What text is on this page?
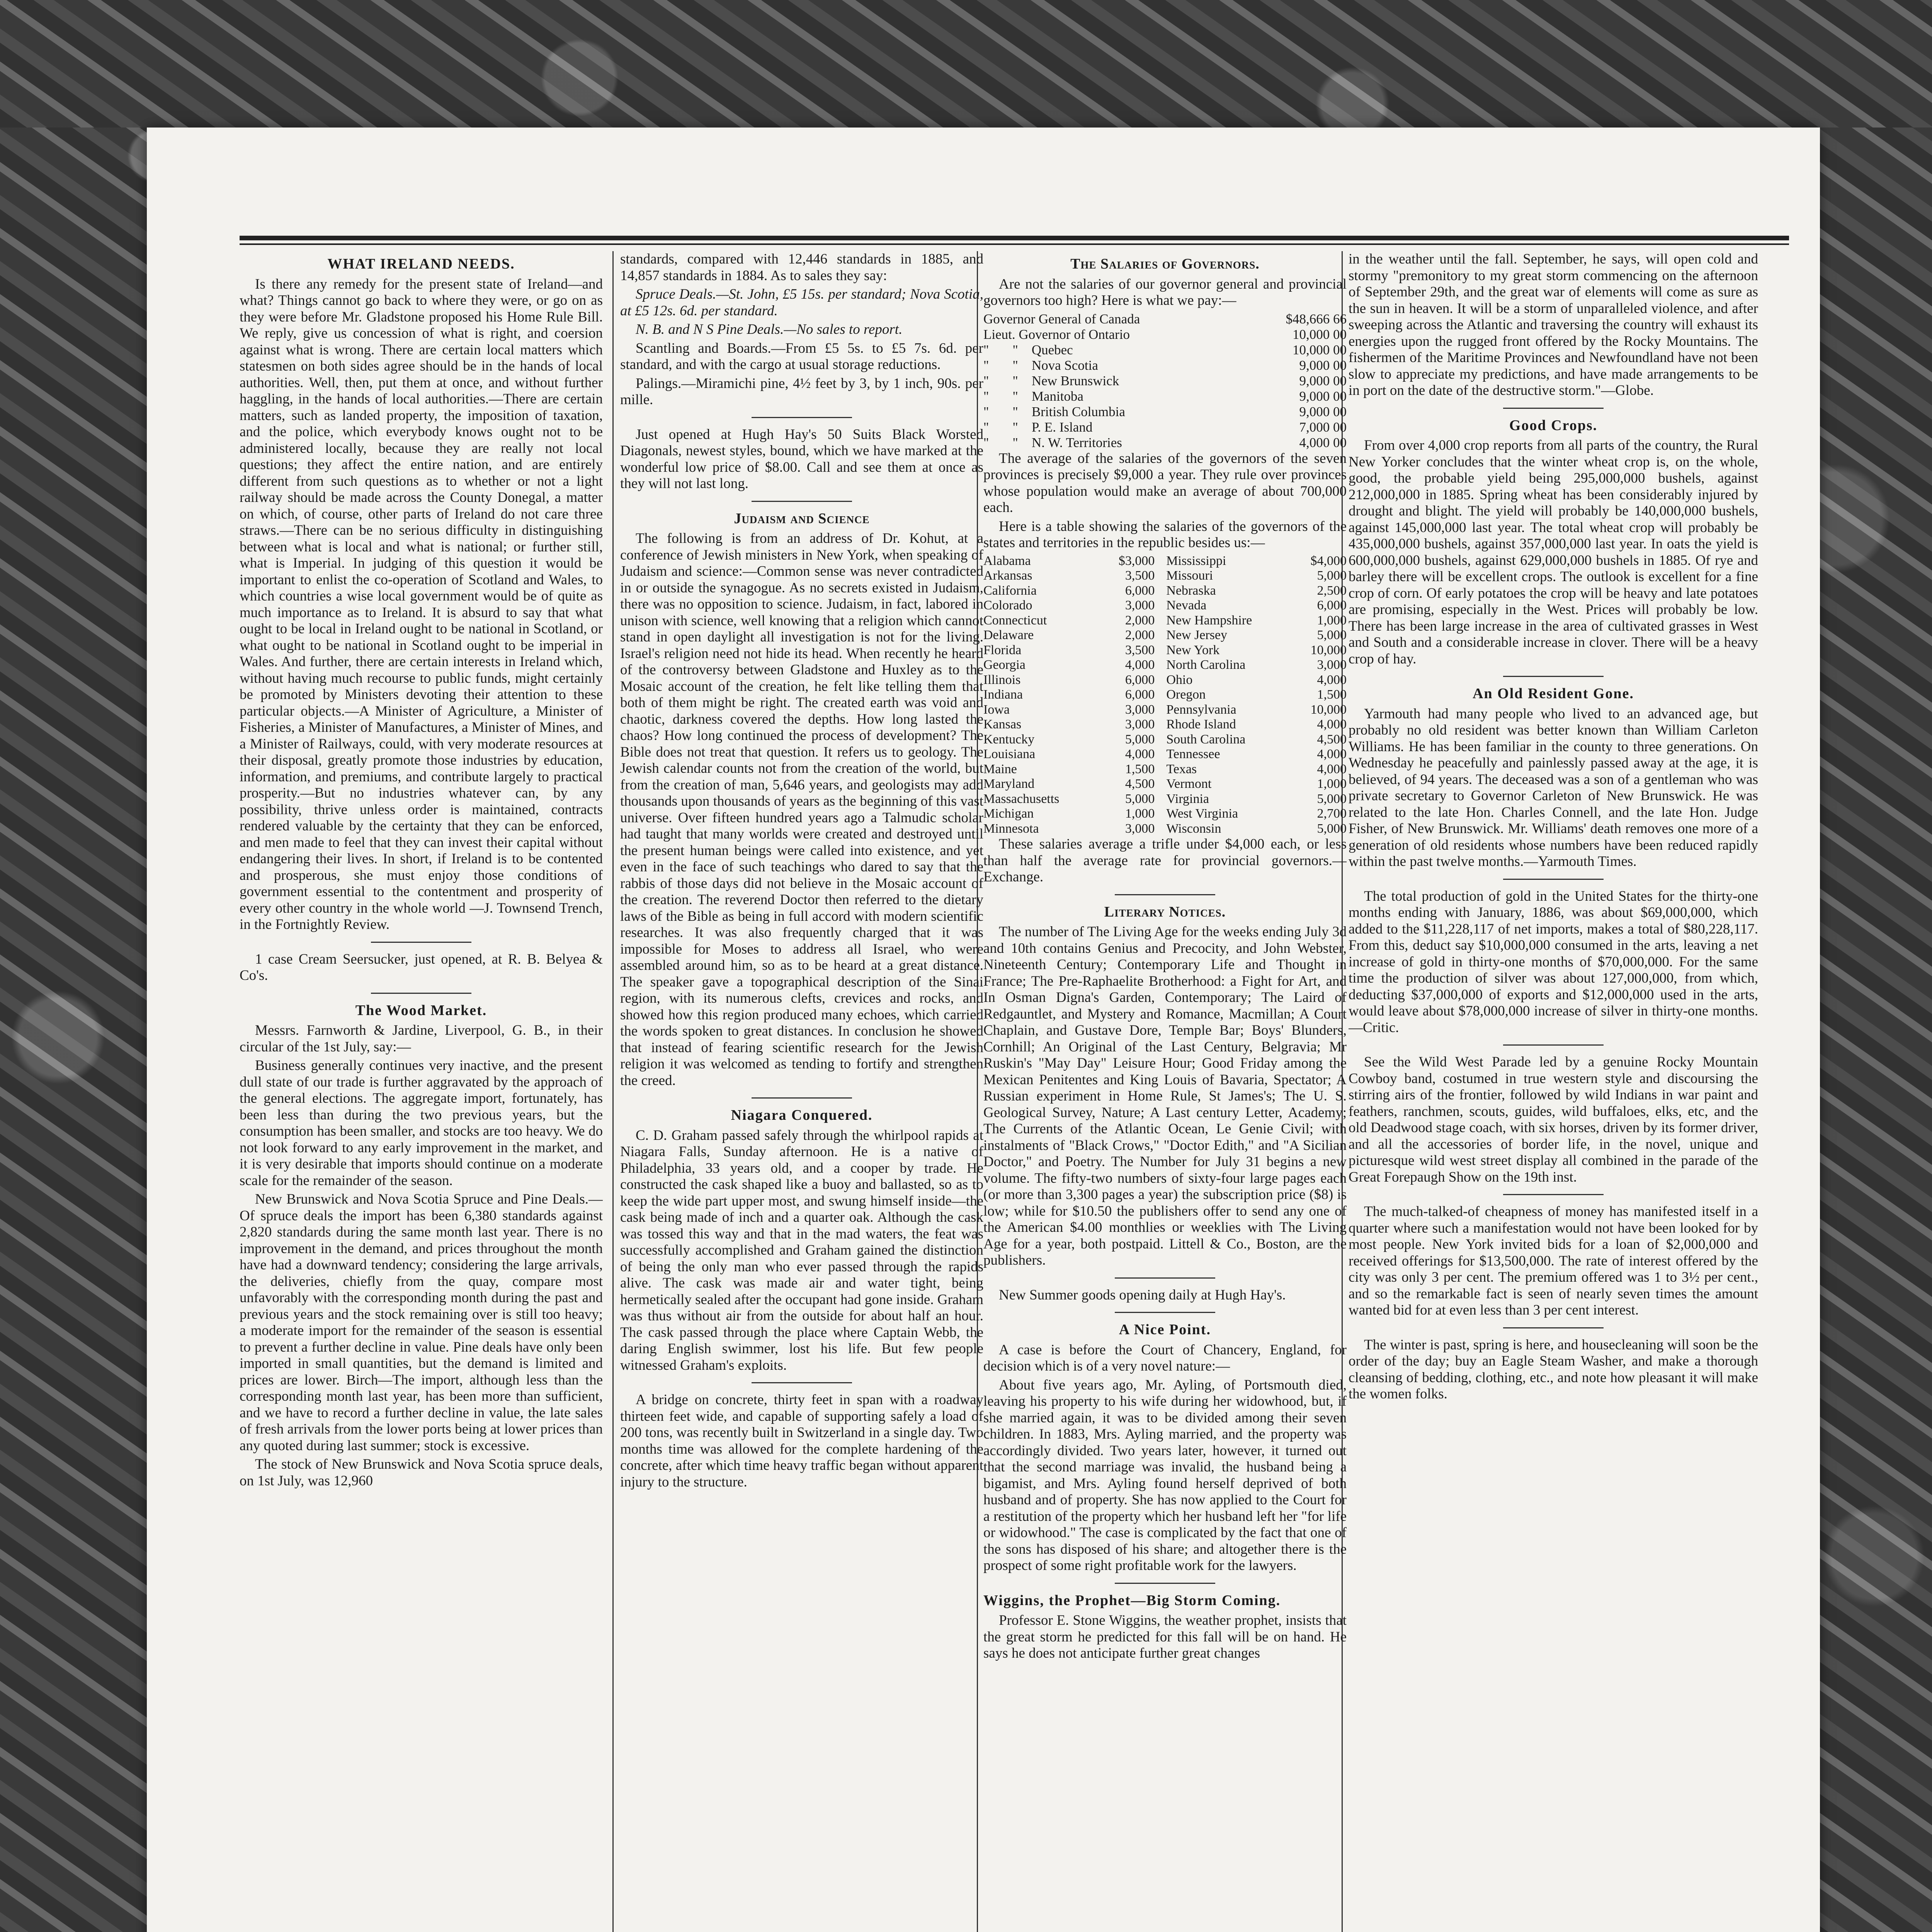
WHAT IRELAND NEEDS.

Is there any remedy for the present state of Ireland—and what? Things cannot go back to where they were, or go on as they were before Mr. Gladstone proposed his Home Rule Bill. We reply, give us concession of what is right, and coersion against what is wrong. There are certain local matters which statesmen on both sides agree should be in the hands of local authorities. Well, then, put them at once, and without further haggling, in the hands of local authorities.—There are certain matters, such as landed property, the imposition of taxation, and the police, which everybody knows ought not to be administered locally, because they are really not local questions; they affect the entire nation, and are entirely different from such questions as to whether or not a light railway should be made across the County Donegal, a matter on which, of course, other parts of Ireland do not care three straws.—There can be no serious difficulty in distinguishing between what is local and what is national; or further still, what is Imperial. In judging of this question it would be important to enlist the co-operation of Scotland and Wales, to which countries a wise local government would be of quite as much importance as to Ireland. It is absurd to say that what ought to be local in Ireland ought to be national in Scotland, or what ought to be national in Scotland ought to be imperial in Wales. And further, there are certain interests in Ireland which, without having much recourse to public funds, might certainly be promoted by Ministers devoting their attention to these particular objects.—A Minister of Agriculture, a Minister of Fisheries, a Minister of Manufactures, a Minister of Mines, and a Minister of Railways, could, with very moderate resources at their disposal, greatly promote those industries by education, information, and premiums, and contribute largely to practical prosperity.—But no industries whatever can, by any possibility, thrive unless order is maintained, contracts rendered valuable by the certainty that they can be enforced, and men made to feel that they can invest their capital without endangering their lives. In short, if Ireland is to be contented and prosperous, she must enjoy those conditions of government essential to the contentment and prosperity of every other country in the whole world —J. Townsend Trench, in the Fortnightly Review.

1 case Cream Seersucker, just opened, at R. B. Belyea & Co's.

The Wood Market.

Messrs. Farnworth & Jardine, Liverpool, G. B., in their circular of the 1st July, say:—

Business generally continues very inactive, and the present dull state of our trade is further aggravated by the approach of the general elections. The aggregate import, fortunately, has been less than during the two previous years, but the consumption has been smaller, and stocks are too heavy. We do not look forward to any early improvement in the market, and it is very desirable that imports should continue on a moderate scale for the remainder of the season.

New Brunswick and Nova Scotia Spruce and Pine Deals.—Of spruce deals the import has been 6,380 standards against 2,820 standards during the same month last year. There is no improvement in the demand, and prices throughout the month have had a downward tendency; considering the large arrivals, the deliveries, chiefly from the quay, compare most unfavorably with the corresponding month during the past and previous years and the stock remaining over is still too heavy; a moderate import for the remainder of the season is essential to prevent a further decline in value. Pine deals have only been imported in small quantities, but the demand is limited and prices are lower. Birch—The import, although less than the corresponding month last year, has been more than sufficient, and we have to record a further decline in value, the late sales of fresh arrivals from the lower ports being at lower prices than any quoted during last summer; stock is excessive.

The stock of New Brunswick and Nova Scotia spruce deals, on 1st July, was 12,960

standards, compared with 12,446 standards in 1885, and 14,857 standards in 1884. As to sales they say:

Spruce Deals.—St. John, £5 15s. per standard; Nova Scotia, at £5 12s. 6d. per standard.

N. B. and N S Pine Deals.—No sales to report.

Scantling and Boards.—From £5 5s. to £5 7s. 6d. per standard, and with the cargo at usual storage reductions.

Palings.—Miramichi pine, 4½ feet by 3, by 1 inch, 90s. per mille.

Just opened at Hugh Hay's 50 Suits Black Worsted Diagonals, newest styles, bound, which we have marked at the wonderful low price of $8.00. Call and see them at once as they will not last long.

Judaism and Science

The following is from an address of Dr. Kohut, at a conference of Jewish ministers in New York, when speaking of Judaism and science:—Common sense was never contradicted in or outside the synagogue. As no secrets existed in Judaism, there was no opposition to science. Judaism, in fact, labored in unison with science, well knowing that a religion which cannot stand in open daylight all investigation is not for the living. Israel's religion need not hide its head. When recently he heard of the controversy between Gladstone and Huxley as to the Mosaic account of the creation, he felt like telling them that both of them might be right. The created earth was void and chaotic, darkness covered the depths. How long lasted the chaos? How long continued the process of development? The Bible does not treat that question. It refers us to geology. The Jewish calendar counts not from the creation of the world, but from the creation of man, 5,646 years, and geologists may add thousands upon thousands of years as the beginning of this vast universe. Over fifteen hundred years ago a Talmudic scholar had taught that many worlds were created and destroyed until the present human beings were called into existence, and yet even in the face of such teachings who dared to say that the rabbis of those days did not believe in the Mosaic account of the creation. The reverend Doctor then referred to the dietary laws of the Bible as being in full accord with modern scientific researches. It was also frequently charged that it was impossible for Moses to address all Israel, who were assembled around him, so as to be heard at a great distance. The speaker gave a topographical description of the Sinai region, with its numerous clefts, crevices and rocks, and showed how this region produced many echoes, which carried the words spoken to great distances. In conclusion he showed that instead of fearing scientific research for the Jewish religion it was welcomed as tending to fortify and strengthen the creed.

Niagara Conquered.

C. D. Graham passed safely through the whirlpool rapids at Niagara Falls, Sunday afternoon. He is a native of Philadelphia, 33 years old, and a cooper by trade. He constructed the cask shaped like a buoy and ballasted, so as to keep the wide part upper most, and swung himself inside—the cask being made of inch and a quarter oak. Although the cask was tossed this way and that in the mad waters, the feat was successfully accomplished and Graham gained the distinction of being the only man who ever passed through the rapids alive. The cask was made air and water tight, being hermetically sealed after the occupant had gone inside. Graham was thus without air from the outside for about half an hour. The cask passed through the place where Captain Webb, the daring English swimmer, lost his life. But few people witnessed Graham's exploits.

A bridge on concrete, thirty feet in span with a roadway thirteen feet wide, and capable of supporting safely a load of 200 tons, was recently built in Switzerland in a single day. Two months time was allowed for the complete hardening of the concrete, after which time heavy traffic began without apparent injury to the structure.

The Salaries of Governors.

Are not the salaries of our governor general and provincial governors too high? Here is what we pay:—

Governor General of Canada	$48,666 66
Lieut. Governor of Ontario	10,000 00
"       "    Quebec	10,000 00
"       "    Nova Scotia	9,000 00
"       "    New Brunswick	9,000 00
"       "    Manitoba	9,000 00
"       "    British Columbia	9,000 00
"       "    P. E. Island	7,000 00
"       "    N. W. Territories	4,000 00

The average of the salaries of the governors of the seven provinces is precisely $9,000 a year. They rule over provinces whose population would make an average of about 700,000 each.

Here is a table showing the salaries of the governors of the states and territories in the republic besides us:—

Alabama	$3,000	Mississippi	$4,000
Arkansas	3,500	Missouri	5,000
California	6,000	Nebraska	2,500
Colorado	3,000	Nevada	6,000
Connecticut	2,000	New Hampshire	1,000
Delaware	2,000	New Jersey	5,000
Florida	3,500	New York	10,000
Georgia	4,000	North Carolina	3,000
Illinois	6,000	Ohio	4,000
Indiana	6,000	Oregon	1,500
Iowa	3,000	Pennsylvania	10,000
Kansas	3,000	Rhode Island	4,000
Kentucky	5,000	South Carolina	4,500
Louisiana	4,000	Tennessee	4,000
Maine	1,500	Texas	4,000
Maryland	4,500	Vermont	1,000
Massachusetts	5,000	Virginia	5,000
Michigan	1,000	West Virginia	2,700
Minnesota	3,000	Wisconsin	5,000

These salaries average a trifle under $4,000 each, or less than half the average rate for provincial governors.—Exchange.

Literary Notices.

The number of The Living Age for the weeks ending July 3d and 10th contains Genius and Precocity, and John Webster, Nineteenth Century; Contemporary Life and Thought in France; The Pre-Raphaelite Brotherhood: a Fight for Art, and In Osman Digna's Garden, Contemporary; The Laird of Redgauntlet, and Mystery and Romance, Macmillan; A Court Chaplain, and Gustave Dore, Temple Bar; Boys' Blunders, Cornhill; An Original of the Last Century, Belgravia; Mr Ruskin's "May Day" Leisure Hour; Good Friday among the Mexican Penitentes and King Louis of Bavaria, Spectator; A Russian experiment in Home Rule, St James's; The U. S. Geological Survey, Nature; A Last century Letter, Academy; The Currents of the Atlantic Ocean, Le Genie Civil; with instalments of "Black Crows," "Doctor Edith," and "A Sicilian Doctor," and Poetry. The Number for July 31 begins a new volume. The fifty-two numbers of sixty-four large pages each (or more than 3,300 pages a year) the subscription price ($8) is low; while for $10.50 the publishers offer to send any one of the American $4.00 monthlies or weeklies with The Living Age for a year, both postpaid. Littell & Co., Boston, are the publishers.

New Summer goods opening daily at Hugh Hay's.

A Nice Point.

A case is before the Court of Chancery, England, for decision which is of a very novel nature:—

About five years ago, Mr. Ayling, of Portsmouth died, leaving his property to his wife during her widowhood, but, if she married again, it was to be divided among their seven children. In 1883, Mrs. Ayling married, and the property was accordingly divided. Two years later, however, it turned out that the second marriage was invalid, the husband being a bigamist, and Mrs. Ayling found herself deprived of both husband and of property. She has now applied to the Court for a restitution of the property which her husband left her "for life or widowhood." The case is complicated by the fact that one of the sons has disposed of his share; and altogether there is the prospect of some right profitable work for the lawyers.

Wiggins, the Prophet—Big Storm Coming.

Professor E. Stone Wiggins, the weather prophet, insists that the great storm he predicted for this fall will be on hand. He says he does not anticipate further great changes

in the weather until the fall. September, he says, will open cold and stormy "premonitory to my great storm commencing on the afternoon of September 29th, and the great war of elements will come as sure as the sun in heaven. It will be a storm of unparalleled violence, and after sweeping across the Atlantic and traversing the country will exhaust its energies upon the rugged front offered by the Rocky Mountains. The fishermen of the Maritime Provinces and Newfoundland have not been slow to appreciate my predictions, and have made arrangements to be in port on the date of the destructive storm."—Globe.

Good Crops.

From over 4,000 crop reports from all parts of the country, the Rural New Yorker concludes that the winter wheat crop is, on the whole, good, the probable yield being 295,000,000 bushels, against 212,000,000 in 1885. Spring wheat has been considerably injured by drought and blight. The yield will probably be 140,000,000 bushels, against 145,000,000 last year. The total wheat crop will probably be 435,000,000 bushels, against 357,000,000 last year. In oats the yield is 600,000,000 bushels, against 629,000,000 bushels in 1885. Of rye and barley there will be excellent crops. The outlook is excellent for a fine crop of corn. Of early potatoes the crop will be heavy and late potatoes are promising, especially in the West. Prices will probably be low. There has been large increase in the area of cultivated grasses in West and South and a considerable increase in clover. There will be a heavy crop of hay.

An Old Resident Gone.

Yarmouth had many people who lived to an advanced age, but probably no old resident was better known than William Carleton Williams. He has been familiar in the county to three generations. On Wednesday he peacefully and painlessly passed away at the age, it is believed, of 94 years. The deceased was a son of a gentleman who was private secretary to Governor Carleton of New Brunswick. He was related to the late Hon. Charles Connell, and the late Hon. Judge Fisher, of New Brunswick. Mr. Williams' death removes one more of a generation of old residents whose numbers have been reduced rapidly within the past twelve months.—Yarmouth Times.

The total production of gold in the United States for the thirty-one months ending with January, 1886, was about $69,000,000, which added to the $11,228,117 of net imports, makes a total of $80,228,117. From this, deduct say $10,000,000 consumed in the arts, leaving a net increase of gold in thirty-one months of $70,000,000. For the same time the production of silver was about 127,000,000, from which, deducting $37,000,000 of exports and $12,000,000 used in the arts, would leave about $78,000,000 increase of silver in thirty-one months.—Critic.

See the Wild West Parade led by a genuine Rocky Mountain Cowboy band, costumed in true western style and discoursing the stirring airs of the frontier, followed by wild Indians in war paint and feathers, ranchmen, scouts, guides, wild buffaloes, elks, etc, and the old Deadwood stage coach, with six horses, driven by its former driver, and all the accessories of border life, in the novel, unique and picturesque wild west street display all combined in the parade of the Great Forepaugh Show on the 19th inst.

The much-talked-of cheapness of money has manifested itself in a quarter where such a manifestation would not have been looked for by most people. New York invited bids for a loan of $2,000,000 and received offerings for $13,500,000. The rate of interest offered by the city was only 3 per cent. The premium offered was 1 to 3½ per cent., and so the remarkable fact is seen of nearly seven times the amount wanted bid for at even less than 3 per cent interest.

The winter is past, spring is here, and housecleaning will soon be the order of the day; buy an Eagle Steam Washer, and make a thorough cleansing of bedding, clothing, etc., and note how pleasant it will make the women folks.
